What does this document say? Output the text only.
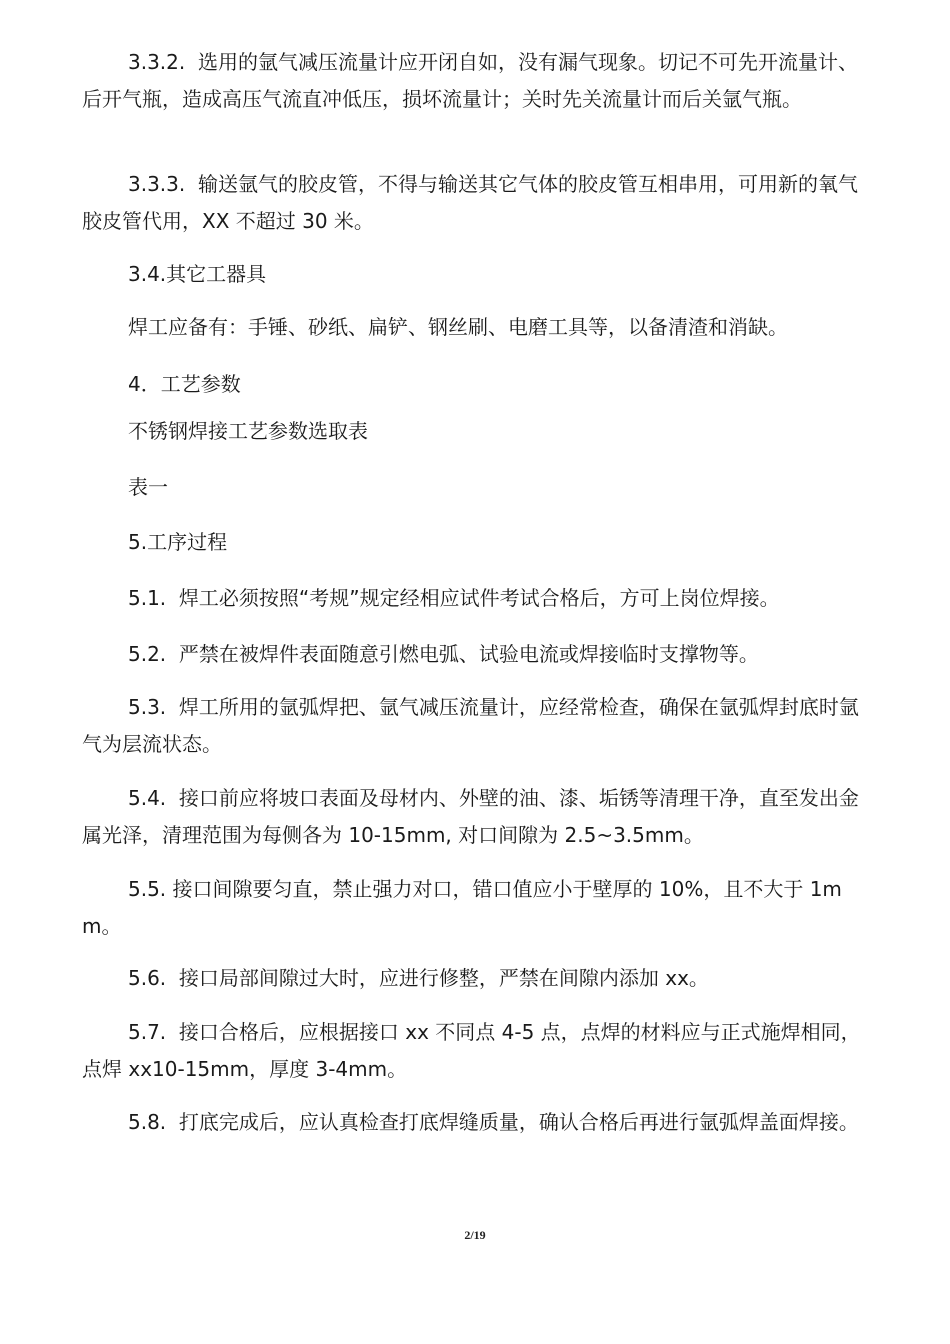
3.3.2.  选用的氩气减压流量计应开闭自如，没有漏气现象。切记不可先开流量计、后开气瓶，造成高压气流直冲低压，损坏流量计；关时先关流量计而后关氩气瓶。

3.3.3.  输送氩气的胶皮管，不得与输送其它气体的胶皮管互相串用，可用新的氧气胶皮管代用，XX 不超过 30 米。

3.4.其它工器具

焊工应备有：手锤、砂纸、扁铲、钢丝刷、电磨工具等，以备清渣和消缺。

4．工艺参数

不锈钢焊接工艺参数选取表

表一

5.工序过程

5.1.  焊工必须按照“考规”规定经相应试件考试合格后，方可上岗位焊接。

5.2.  严禁在被焊件表面随意引燃电弧、试验电流或焊接临时支撑物等。

5.3.  焊工所用的氩弧焊把、氩气减压流量计，应经常检查，确保在氩弧焊封底时氩气为层流状态。

5.4.  接口前应将坡口表面及母材内、外壁的油、漆、垢锈等清理干净，直至发出金属光泽，清理范围为每侧各为 10-15mm, 对口间隙为 2.5~3.5mm。

5.5. 接口间隙要匀直，禁止强力对口，错口值应小于壁厚的 10%，且不大于 1mm。

5.6.  接口局部间隙过大时，应进行修整，严禁在间隙内添加 xx。

5.7.  接口合格后，应根据接口 xx 不同点 4-5 点，点焊的材料应与正式施焊相同，点焊 xx10-15mm，厚度 3-4mm。

5.8.  打底完成后，应认真检查打底焊缝质量，确认合格后再进行氩弧焊盖面焊接。

2/19
